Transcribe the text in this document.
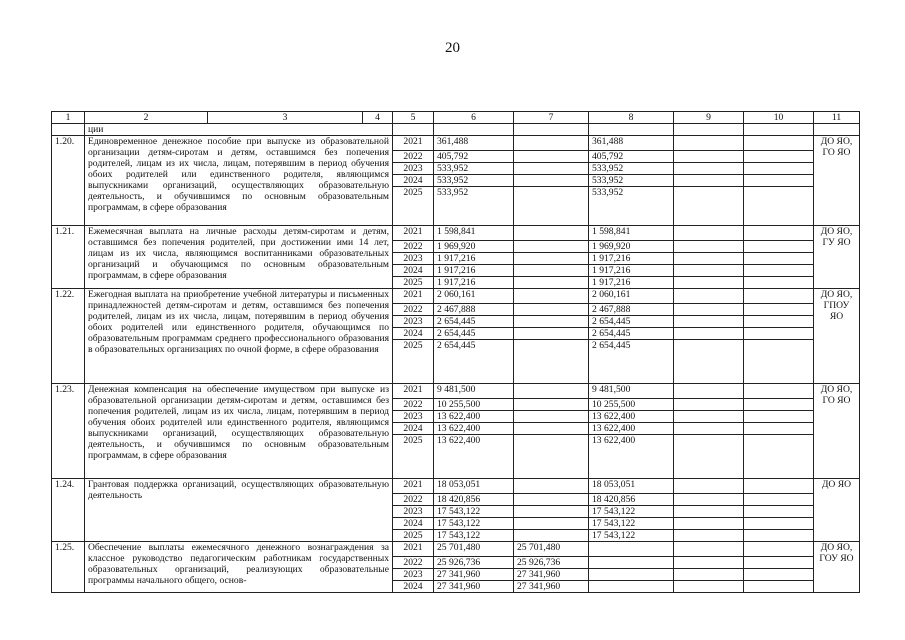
20
1	2	3	4	5	6	7	8	9	10	11
	ции									
1.20.	Единовременное денежное пособие при выпуске из образовательной организации детям-сиротам и детям, оставшимся без попечения родителей, лицам из их числа, лицам, потерявшим в период обучения обоих родителей или единственного родителя, являющимся выпускниками организаций, осуществляющих образовательную деятельность, и обучившимся по основным образовательным программам, в сфере образования			2021	361,488		361,488			ДО ЯО, ГО ЯО
				2022	405,792		405,792			
				2023	533,952		533,952			
				2024	533,952		533,952			
				2025	533,952		533,952			
1.21.	Ежемесячная выплата на личные расходы детям-сиротам и детям, оставшимся без попечения родителей, при достижении ими 14 лет, лицам из их числа, являющимся воспитанниками образовательных организаций и обучающимся по основным образовательным программам, в сфере образования			2021	1 598,841		1 598,841			ДО ЯО, ГУ ЯО
				2022	1 969,920		1 969,920			
				2023	1 917,216		1 917,216			
				2024	1 917,216		1 917,216			
				2025	1 917,216		1 917,216			
1.22.	Ежегодная выплата на приобретение учебной литературы и письменных принадлежностей детям-сиротам и детям, оставшимся без попечения родителей, лицам из их числа, лицам, потерявшим в период обучения обоих родителей или единственного родителя, обучающимся по образовательным программам среднего профессионального образования в образовательных организациях по очной форме, в сфере образования			2021	2 060,161		2 060,161			ДО ЯО, ГПОУ ЯО
				2022	2 467,888		2 467,888			
				2023	2 654,445		2 654,445			
				2024	2 654,445		2 654,445			
				2025	2 654,445		2 654,445			
1.23.	Денежная компенсация на обеспечение имуществом при выпуске из образовательной организации детям-сиротам и детям, оставшимся без попечения родителей, лицам из их числа, лицам, потерявшим в период обучения обоих родителей или единственного родителя, являющимся выпускниками организаций, осуществляющих образовательную деятельность, и обучившимся по основным образовательным программам, в сфере образования			2021	9 481,500		9 481,500			ДО ЯО, ГО ЯО
				2022	10 255,500		10 255,500			
				2023	13 622,400		13 622,400			
				2024	13 622,400		13 622,400			
				2025	13 622,400		13 622,400			
1.24.	Грантовая поддержка организаций, осуществляющих образовательную деятельность			2021	18 053,051		18 053,051			ДО ЯО
				2022	18 420,856		18 420,856			
				2023	17 543,122		17 543,122			
				2024	17 543,122		17 543,122			
				2025	17 543,122		17 543,122			
1.25.	Обеспечение выплаты ежемесячного денежного вознаграждения за классное руководство педагогическим работникам государственных образовательных организаций, реализующих образовательные программы начального общего, основ-			2021	25 701,480	25 701,480				ДО ЯО, ГОУ ЯО
				2022	25 926,736	25 926,736				
				2023	27 341,960	27 341,960				
				2024	27 341,960	27 341,960				
